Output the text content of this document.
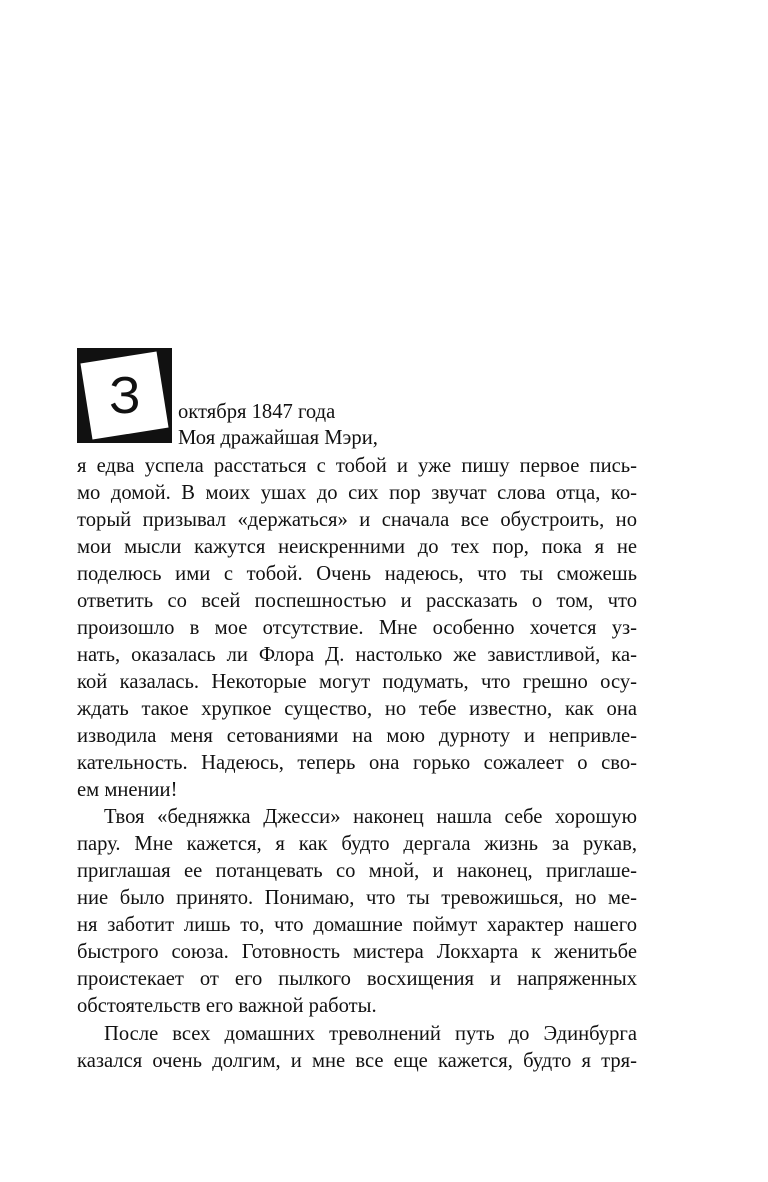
З октября 1847 года
Моя дражайшая Мэри,
я едва успела расстаться с тобой и уже пишу первое пись-
мо домой. В моих ушах до сих пор звучат слова отца, ко-
торый призывал «держаться» и сначала все обустроить, но
мои мысли кажутся неискренними до тех пор, пока я не
поделюсь ими с тобой. Очень надеюсь, что ты сможешь
ответить со всей поспешностью и рассказать о том, что
произошло в мое отсутствие. Мне особенно хочется уз-
нать, оказалась ли Флора Д. настолько же завистливой, ка-
кой казалась. Некоторые могут подумать, что грешно осу-
ждать такое хрупкое существо, но тебе известно, как она
изводила меня сетованиями на мою дурноту и непривле-
кательность. Надеюсь, теперь она горько сожалеет о сво-
ем мнении!
Твоя «бедняжка Джесси» наконец нашла себе хорошую
пару. Мне кажется, я как будто дергала жизнь за рукав,
приглашая ее потанцевать со мной, и наконец, приглаше-
ние было принято. Понимаю, что ты тревожишься, но ме-
ня заботит лишь то, что домашние поймут характер нашего
быстрого союза. Готовность мистера Локхарта к женитьбе
проистекает от его пылкого восхищения и напряженных
обстоятельств его важной работы.
После всех домашних треволнений путь до Эдинбурга
казался очень долгим, и мне все еще кажется, будто я тря-
